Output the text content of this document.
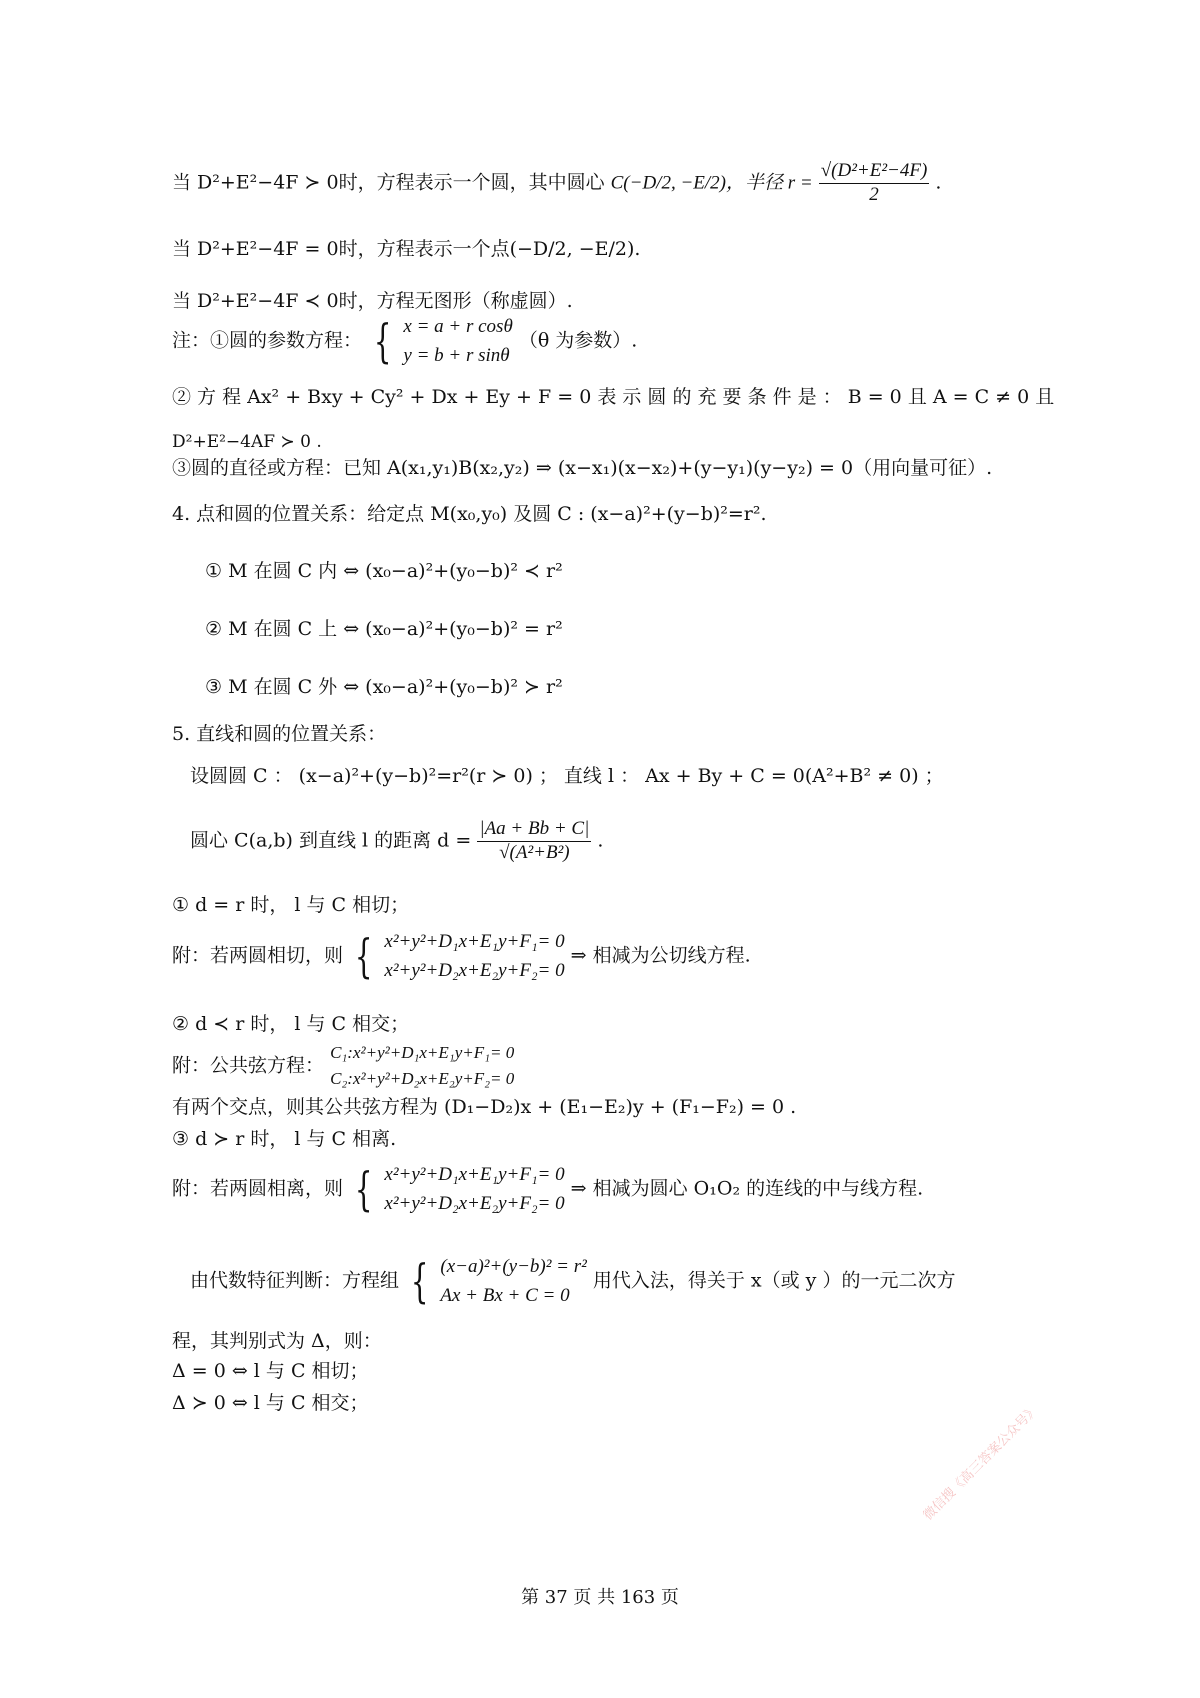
当 D²+E²−4F ≻ 0时，方程表示一个圆，其中圆心 C(−D/2, −E/2)，半径 $r = \frac{\text{√(D²+E²−4F)}}{2}$ .
当 D²+E²−4F = 0时，方程表示一个点(−D/2, −E/2).
当 D²+E²−4F ≺ 0时，方程无图形（称虚圆）.
注：①圆的参数方程： { x = a + r cosθ
y = b + r sinθ
（θ 为参数）.
② 方 程 Ax² + Bxy + Cy² + Dx + Ey + F = 0 表 示 圆 的 充 要 条 件 是 ： B = 0 且 A = C ≠ 0 且
D²+E²−4AF ≻ 0 .
③圆的直径或方程：已知 A(x₁,y₁)B(x₂,y₂) ⇒ (x−x₁)(x−x₂)+(y−y₁)(y−y₂) = 0（用向量可征）.
4. 点和圆的位置关系：给定点 M(x₀,y₀) 及圆 C : (x−a)²+(y−b)²=r².
① M 在圆 C 内 ⇔ (x₀−a)²+(y₀−b)² ≺ r²
② M 在圆 C 上 ⇔ (x₀−a)²+(y₀−b)² = r²
③ M 在圆 C 外 ⇔ (x₀−a)²+(y₀−b)² ≻ r²
5. 直线和圆的位置关系：
设圆圆 C ： (x−a)²+(y−b)²=r²(r ≻ 0) ； 直线 l ： Ax + By + C = 0(A²+B² ≠ 0) ；
圆心 C(a,b) 到直线 l 的距离 $d = \frac{|Aa + Bb + C|}{\text{√(A²+B²)}}$ .
① d = r 时， l 与 C 相切；
附：若两圆相切，则 { x²+y²+D₁x+E₁y+F₁= 0
x²+y²+D₂x+E₂y+F₂= 0
⇒ 相减为公切线方程.
② d ≺ r 时， l 与 C 相交；
附：公共弦方程：
C₁:x²+y²+D₁x+E₁y+F₁= 0
C₂:x²+y²+D₂x+E₂y+F₂= 0
有两个交点，则其公共弦方程为 (D₁−D₂)x + (E₁−E₂)y + (F₁−F₂) = 0 .
③ d ≻ r 时， l 与 C 相离.
附：若两圆相离，则 { x²+y²+D₁x+E₁y+F₁= 0
x²+y²+D₂x+E₂y+F₂= 0
⇒ 相减为圆心 O₁O₂ 的连线的中与线方程.
由代数特征判断：方程组 { (x−a)²+(y−b)² = r²
Ax + Bx + C = 0
用代入法，得关于 x（或 y ）的一元二次方
程，其判别式为 Δ，则：
Δ = 0 ⇔ l 与 C 相切；
Δ ≻ 0 ⇔ l 与 C 相交；
第 37 页 共 163 页
微信搜《高三答案公众号》
